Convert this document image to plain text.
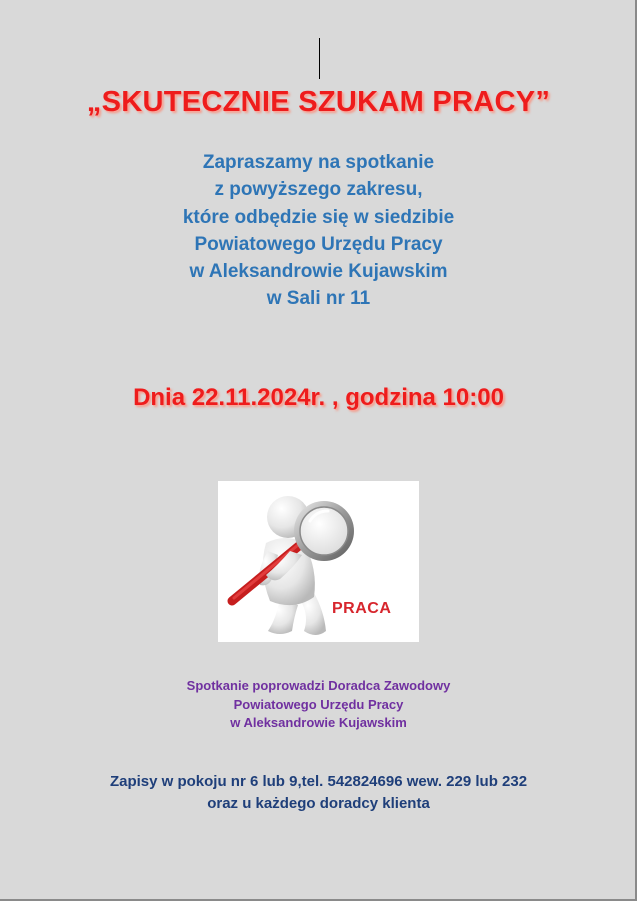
„SKUTECZNIE SZUKAM PRACY”
Zapraszamy na spotkanie
z powyższego zakresu,
które odbędzie się w siedzibie
Powiatowego Urzędu Pracy
w Aleksandrowie Kujawskim
w Sali nr 11
Dnia 22.11.2024r. , godzina 10:00
PRACA
Spotkanie poprowadzi Doradca Zawodowy
Powiatowego Urzędu Pracy
w Aleksandrowie Kujawskim
Zapisy w pokoju nr 6 lub 9,tel. 542824696 wew. 229 lub 232
oraz u każdego doradcy klienta
